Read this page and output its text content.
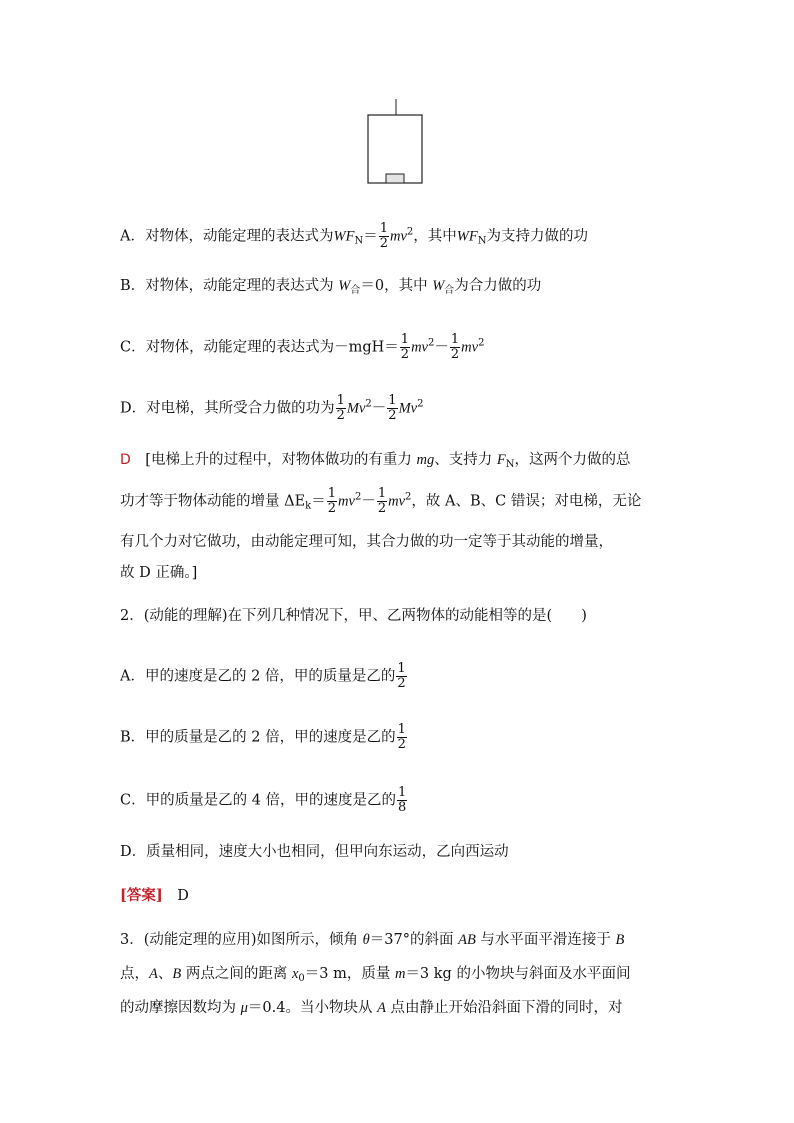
A．对物体，动能定理的表达式为$WF_N= \frac{1}{2} mv^2$，其中$WF_N$为支持力做的功
B．对物体，动能定理的表达式为 $W_合=0$，其中 $W_合$为合力做的功
C．对物体，动能定理的表达式为$-mgH= \frac{1}{2} mv^2- \frac{1}{2} mv^2$
D．对电梯，其所受合力做的功为 $\frac{1}{2} Mv^2- \frac{1}{2} Mv^2$
D　 [电梯上升的过程中，对物体做功的有重力 mg、支持力 $F_N$，这两个力做的总
功才等于物体动能的增量 $\Delta E_k= \frac{1}{2} mv^2- \frac{1}{2} mv^2$，故 A、B、C 错误；对电梯，无论
有几个力对它做功，由动能定理可知，其合力做的功一定等于其动能的增量，
故 D 正确。]
2．(动能的理解)在下列几种情况下，甲、乙两物体的动能相等的是(　　)
A．甲的速度是乙的 2 倍，甲的质量是乙的 $\frac{1}{2}$
B．甲的质量是乙的 2 倍，甲的速度是乙的 $\frac{1}{2}$
C．甲的质量是乙的 4 倍，甲的速度是乙的 $\frac{1}{8}$
D．质量相同，速度大小也相同，但甲向东运动，乙向西运动
[答案]　 D
3．(动能定理的应用)如图所示，倾角 θ＝37°的斜面 AB 与水平面平滑连接于 B
点，A、B 两点之间的距离 $x_0=3$ m，质量 m＝3 kg 的小物块与斜面及水平面间
的动摩擦因数均为 μ＝0.4。当小物块从 A 点由静止开始沿斜面下滑的同时，对
